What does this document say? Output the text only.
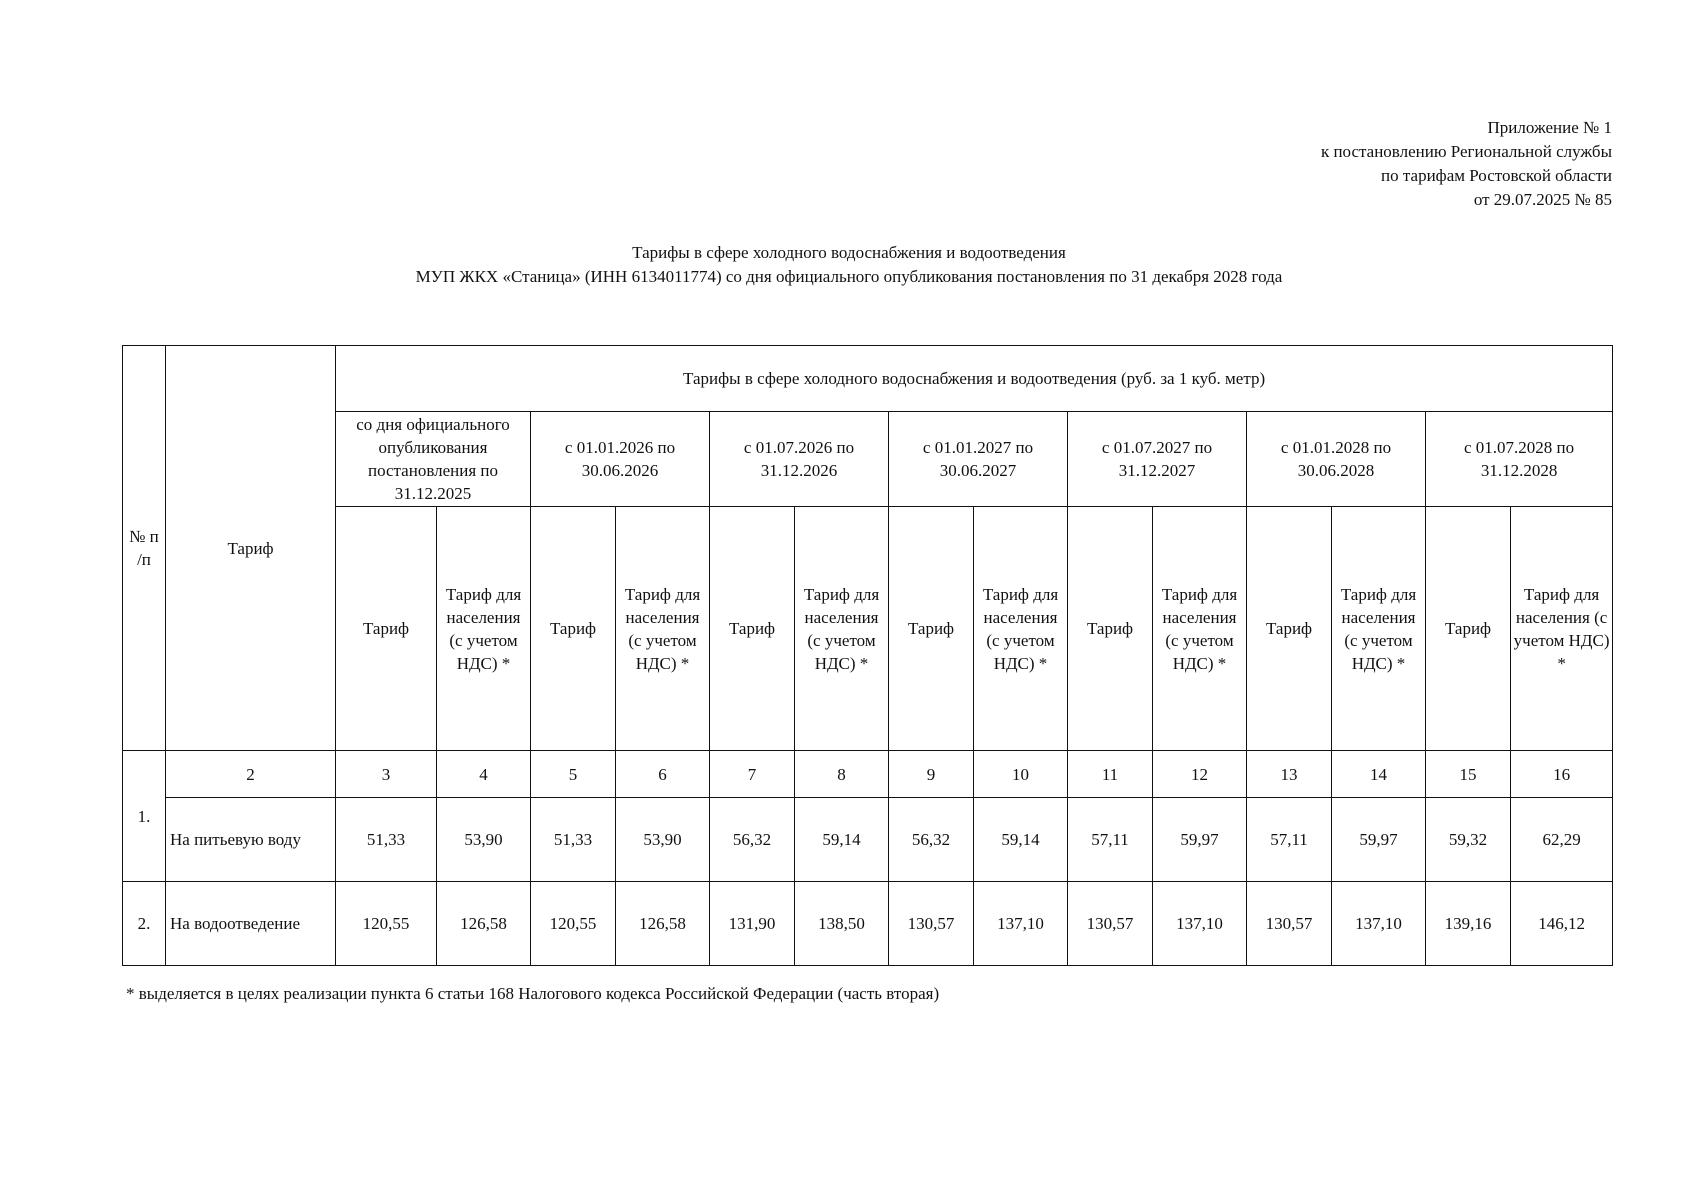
Приложение № 1
к постановлению Региональной службы
по тарифам Ростовской области
от 29.07.2025 № 85
Тарифы в сфере холодного водоснабжения и водоотведения
МУП ЖКХ «Станица» (ИНН 6134011774) со дня официального опубликования постановления по 31 декабря 2028 года
№ п /п	Тариф	Тарифы в сфере холодного водоснабжения и водоотведения (руб. за 1 куб. метр)													
		со дня официального опубликования постановления по 31.12.2025		с 01.01.2026 по 30.06.2026		с 01.07.2026 по 31.12.2026		с 01.01.2027 по 30.06.2027		с 01.07.2027 по 31.12.2027		с 01.01.2028 по 30.06.2028		с 01.07.2028 по 31.12.2028	
		Тариф	Тариф для населения (с учетом НДС) *	Тариф	Тариф для населения (с учетом НДС) *	Тариф	Тариф для населения (с учетом НДС) *	Тариф	Тариф для населения (с учетом НДС) *	Тариф	Тариф для населения (с учетом НДС) *	Тариф	Тариф для населения (с учетом НДС) *	Тариф	Тариф для населения (с учетом НДС) *
1.	2	3	4	5	6	7	8	9	10	11	12	13	14	15	16
	На питьевую воду	51,33	53,90	51,33	53,90	56,32	59,14	56,32	59,14	57,11	59,97	57,11	59,97	59,32	62,29
2.	На водоотведение	120,55	126,58	120,55	126,58	131,90	138,50	130,57	137,10	130,57	137,10	130,57	137,10	139,16	146,12
* выделяется в целях реализации пункта 6 статьи 168 Налогового кодекса Российской Федерации (часть вторая)
